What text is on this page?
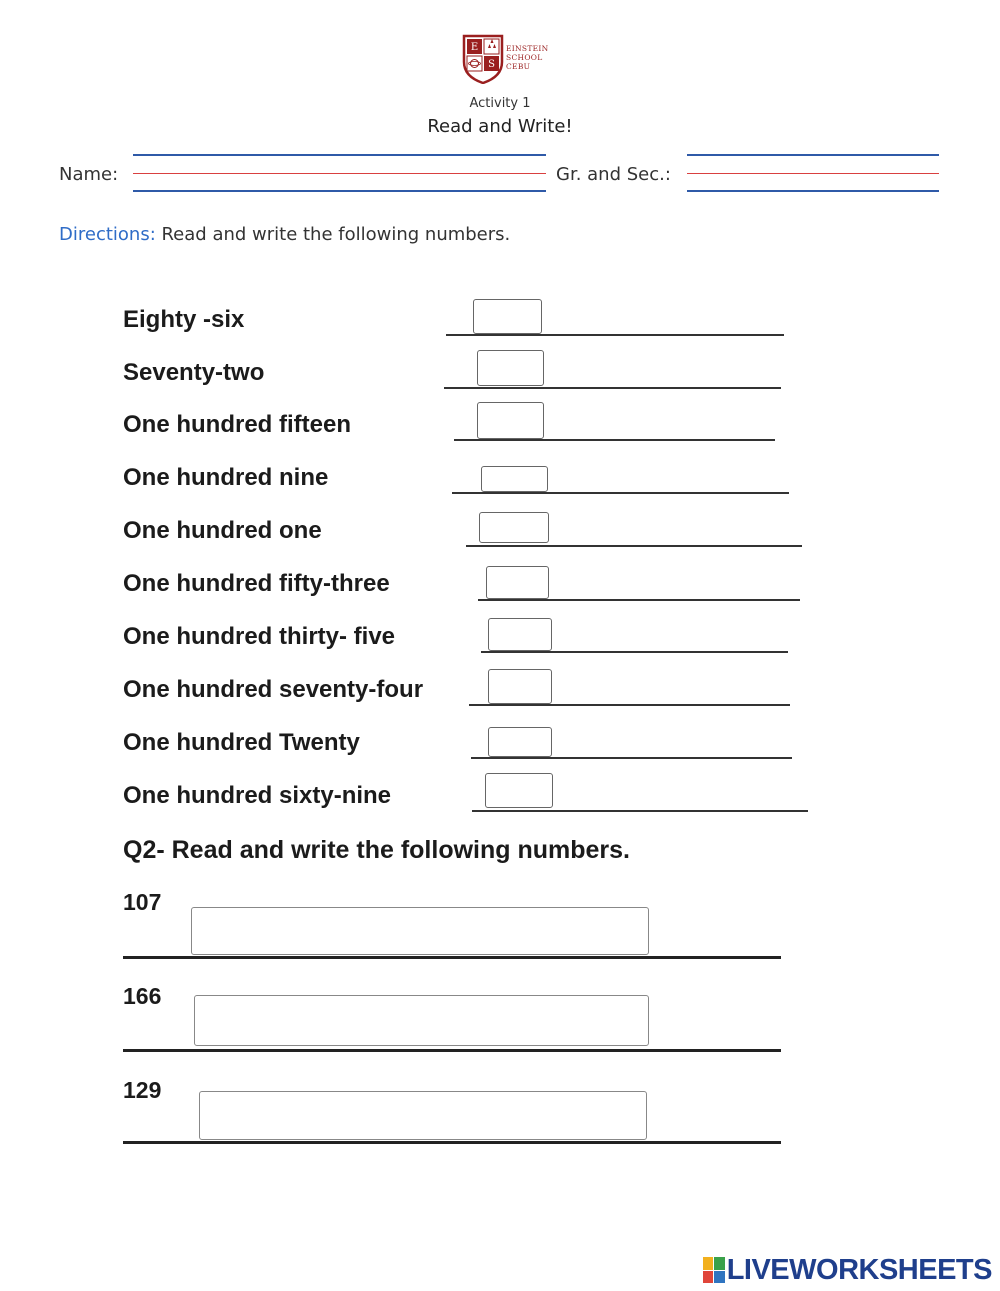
E
S
EINSTEIN
SCHOOL
CEBU
Activity 1
Read and Write!
Name:	Gr. and Sec.:
Directions: Read and write the following numbers.
Eighty -six
Seventy-two
One hundred fifteen
One hundred nine
One hundred one
One hundred fifty-three
One hundred thirty- five
One hundred seventy-four
One hundred Twenty
One hundred sixty-nine
Q2- Read and write the following numbers.
107
166
129
LIVEWORKSHEETS
